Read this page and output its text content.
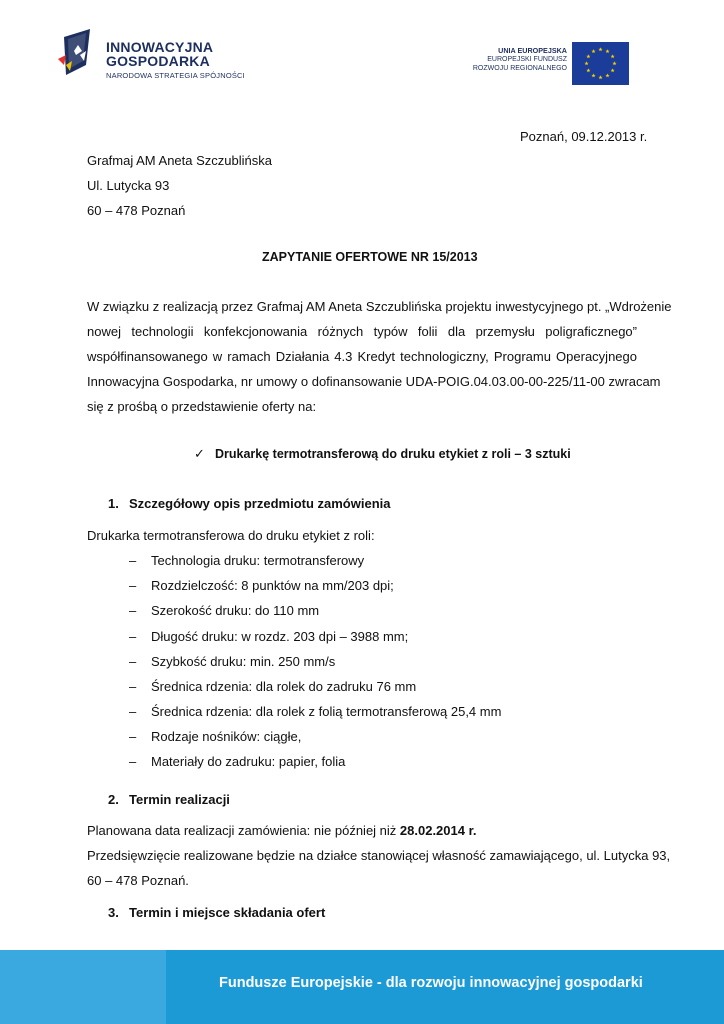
INNOWACYJNA
GOSPODARKA
NARODOWA STRATEGIA SPÓJNOŚCI
UNIA EUROPEJSKA
EUROPEJSKI FUNDUSZ
ROZWOJU REGIONALNEGO
Poznań, 09.12.2013 r.
Grafmaj AM Aneta Szczublińska
Ul. Lutycka 93
60 – 478 Poznań
ZAPYTANIE OFERTOWE NR 15/2013
W związku z realizacją przez Grafmaj AM Aneta Szczublińska projektu inwestycyjnego pt. „Wdrożenie
nowej technologii konfekcjonowania różnych typów folii dla przemysłu poligraficznego”
współfinansowanego w ramach Działania 4.3 Kredyt technologiczny, Programu Operacyjnego
Innowacyjna Gospodarka, nr umowy o dofinansowanie UDA-POIG.04.03.00-00-225/11-00 zwracam
się z prośbą o przedstawienie oferty na:
✓ Drukarkę termotransferową do druku etykiet z roli – 3 sztuki
1. Szczegółowy opis przedmiotu zamówienia
Drukarka termotransferowa do druku etykiet z roli:
– Technologia druku: termotransferowy
– Rozdzielczość: 8 punktów na mm/203 dpi;
– Szerokość druku: do 110 mm
– Długość druku: w rozdz. 203 dpi – 3988 mm;
– Szybkość druku: min. 250 mm/s
– Średnica rdzenia: dla rolek do zadruku 76 mm
– Średnica rdzenia: dla rolek z folią termotransferową 25,4 mm
– Rodzaje nośników: ciągłe,
– Materiały do zadruku: papier, folia
2. Termin realizacji
Planowana data realizacji zamówienia: nie później niż 28.02.2014 r.
Przedsięwzięcie realizowane będzie na działce stanowiącej własność zamawiającego, ul. Lutycka 93,
60 – 478 Poznań.
3. Termin i miejsce składania ofert
Fundusze Europejskie - dla rozwoju innowacyjnej gospodarki
